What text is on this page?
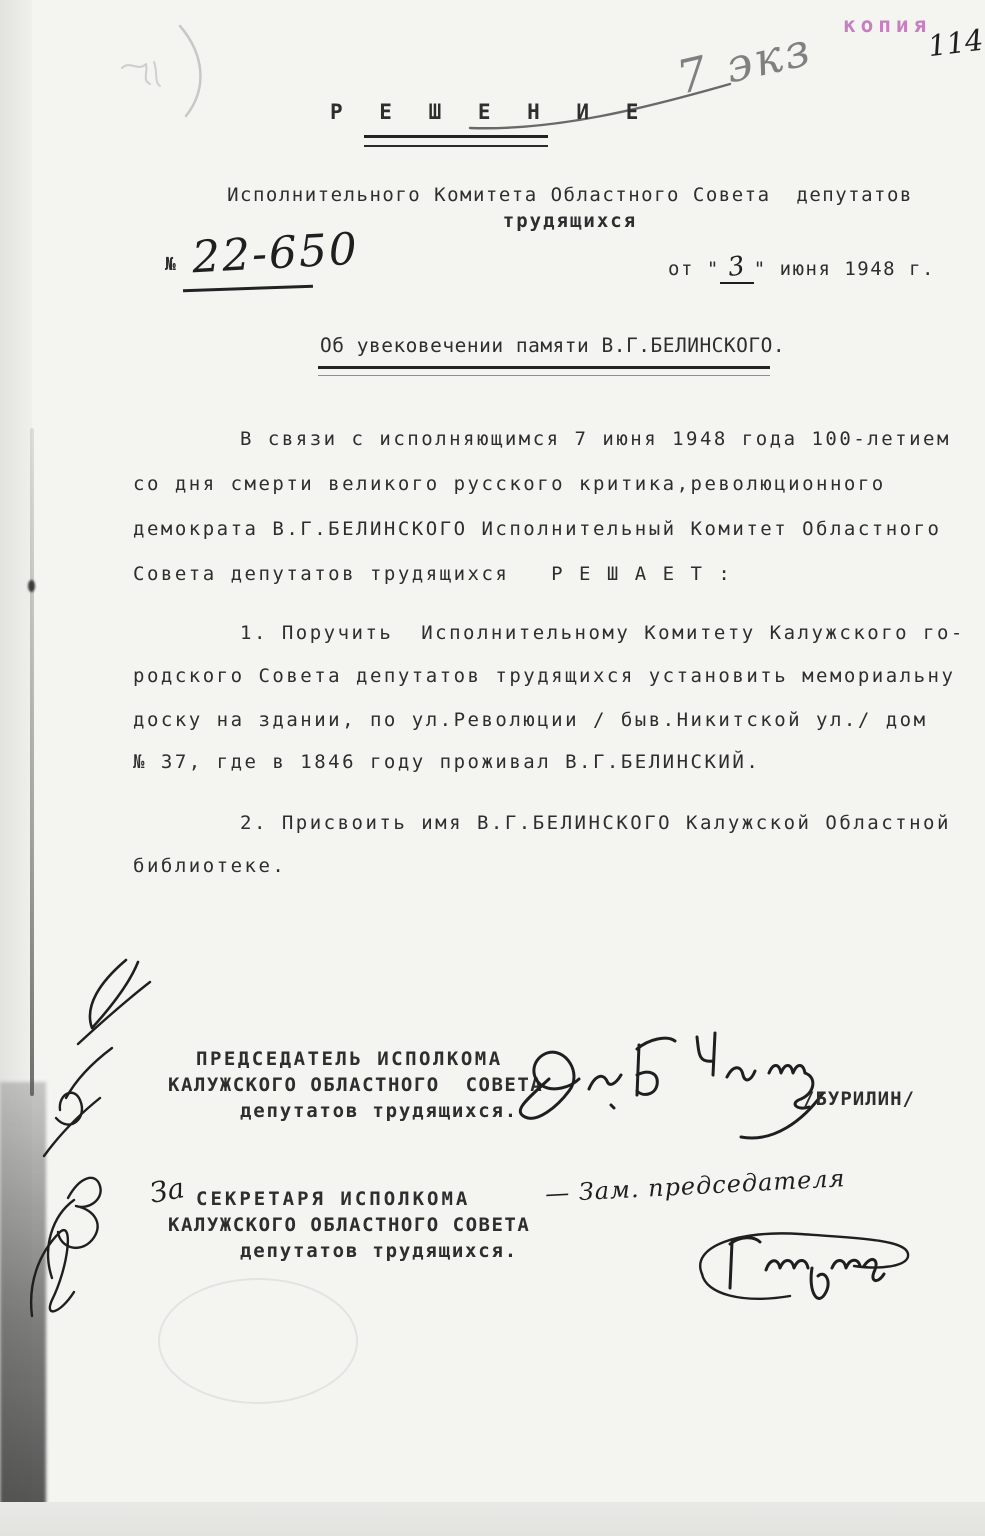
копия
114
7 экз
Р Е Ш Е Н И Е
Исполнительного Комитета Областного Совета  депутатов
трудящихся
№ 22-650	от " 3 " июня 1948 г.
Об увековечении памяти В.Г.БЕЛИНСКОГО.
В связи с исполняющимся 7 июня 1948 года 100-летием
со дня смерти великого русского критика,революционного
демократа В.Г.БЕЛИНСКОГО Исполнительный Комитет Областного
Совета депутатов трудящихся   Р Е Ш А Е Т :
1. Поручить  Исполнительному Комитету Калужского го-
родского Совета депутатов трудящихся установить мемориальну
доску на здании, по ул.Революции / быв.Никитской ул./ дом
№ 37, где в 1846 году проживал В.Г.БЕЛИНСКИЙ.
2. Присвоить имя В.Г.БЕЛИНСКОГО Калужской Областной
библиотеке.
ПРЕДСЕДАТЕЛЬ ИСПОЛКОМА
КАЛУЖСКОГО ОБЛАСТНОГО  СОВЕТА
депутатов трудящихся.
/БУРИЛИН/
За СЕКРЕТАРЯ ИСПОЛКОМА	— Зам. председателя
КАЛУЖСКОГО ОБЛАСТНОГО СОВЕТА
депутатов трудящихся.
